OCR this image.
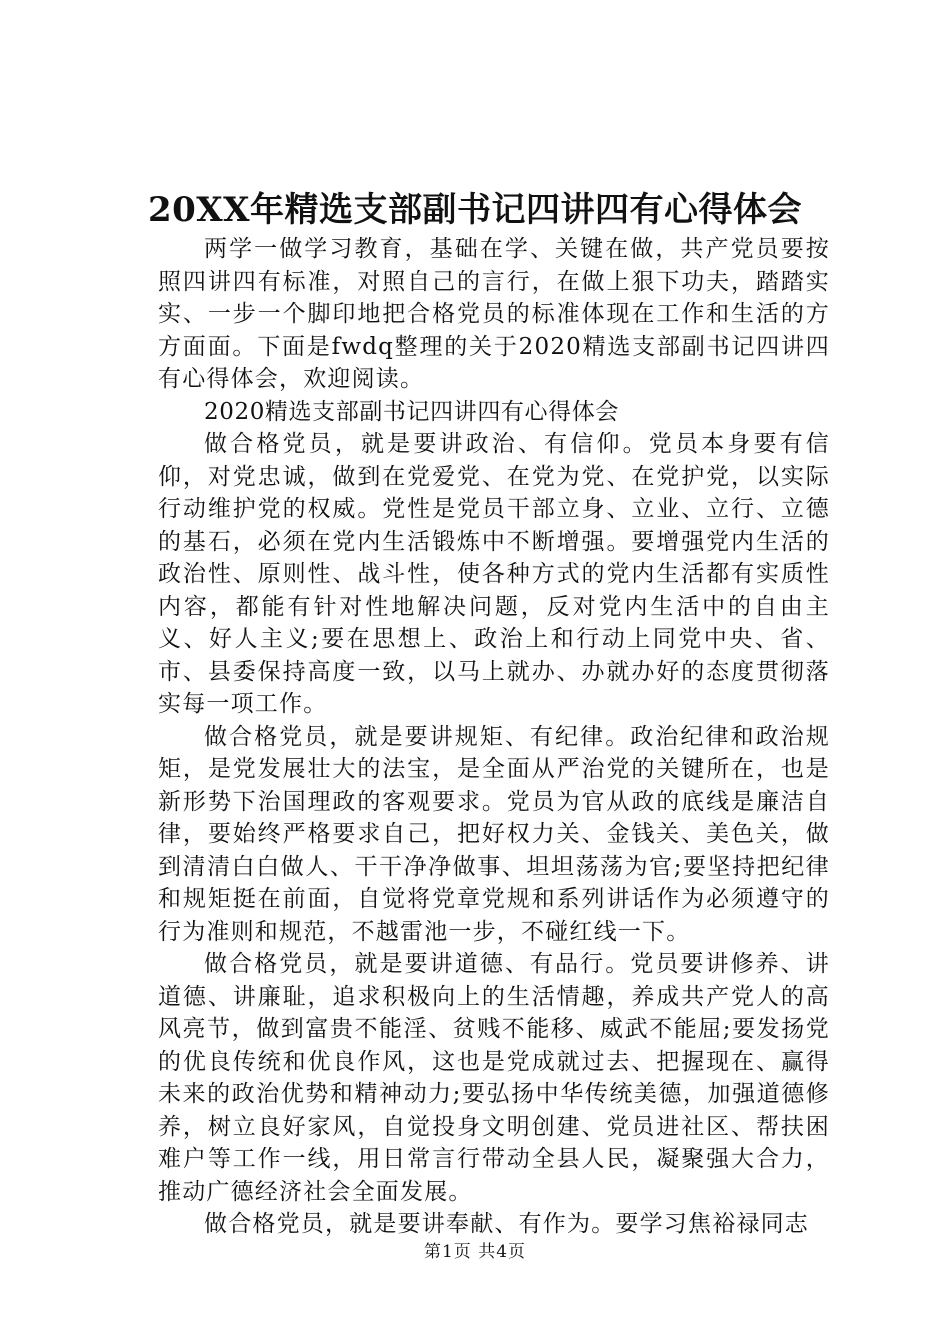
20XX年精选支部副书记四讲四有心得体会

两学一做学习教育，基础在学、关键在做，共产党员要按照四讲四有标准，对照自己的言行，在做上狠下功夫，踏踏实实、一步一个脚印地把合格党员的标准体现在工作和生活的方方面面。下面是fwdq整理的关于2020精选支部副书记四讲四有心得体会，欢迎阅读。

2020精选支部副书记四讲四有心得体会

做合格党员，就是要讲政治、有信仰。党员本身要有信仰，对党忠诚，做到在党爱党、在党为党、在党护党，以实际行动维护党的权威。党性是党员干部立身、立业、立行、立德的基石，必须在党内生活锻炼中不断增强。要增强党内生活的政治性、原则性、战斗性，使各种方式的党内生活都有实质性内容，都能有针对性地解决问题，反对党内生活中的自由主义、好人主义;要在思想上、政治上和行动上同党中央、省、市、县委保持高度一致，以马上就办、办就办好的态度贯彻落实每一项工作。

做合格党员，就是要讲规矩、有纪律。政治纪律和政治规矩，是党发展壮大的法宝，是全面从严治党的关键所在，也是新形势下治国理政的客观要求。党员为官从政的底线是廉洁自律，要始终严格要求自己，把好权力关、金钱关、美色关，做到清清白白做人、干干净净做事、坦坦荡荡为官;要坚持把纪律和规矩挺在前面，自觉将党章党规和系列讲话作为必须遵守的行为准则和规范，不越雷池一步，不碰红线一下。

做合格党员，就是要讲道德、有品行。党员要讲修养、讲道德、讲廉耻，追求积极向上的生活情趣，养成共产党人的高风亮节，做到富贵不能淫、贫贱不能移、威武不能屈;要发扬党的优良传统和优良作风，这也是党成就过去、把握现在、赢得未来的政治优势和精神动力;要弘扬中华传统美德，加强道德修养，树立良好家风，自觉投身文明创建、党员进社区、帮扶困难户等工作一线，用日常言行带动全县人民，凝聚强大合力，推动广德经济社会全面发展。

做合格党员，就是要讲奉献、有作为。要学习焦裕禄同志

第1页 共4页
